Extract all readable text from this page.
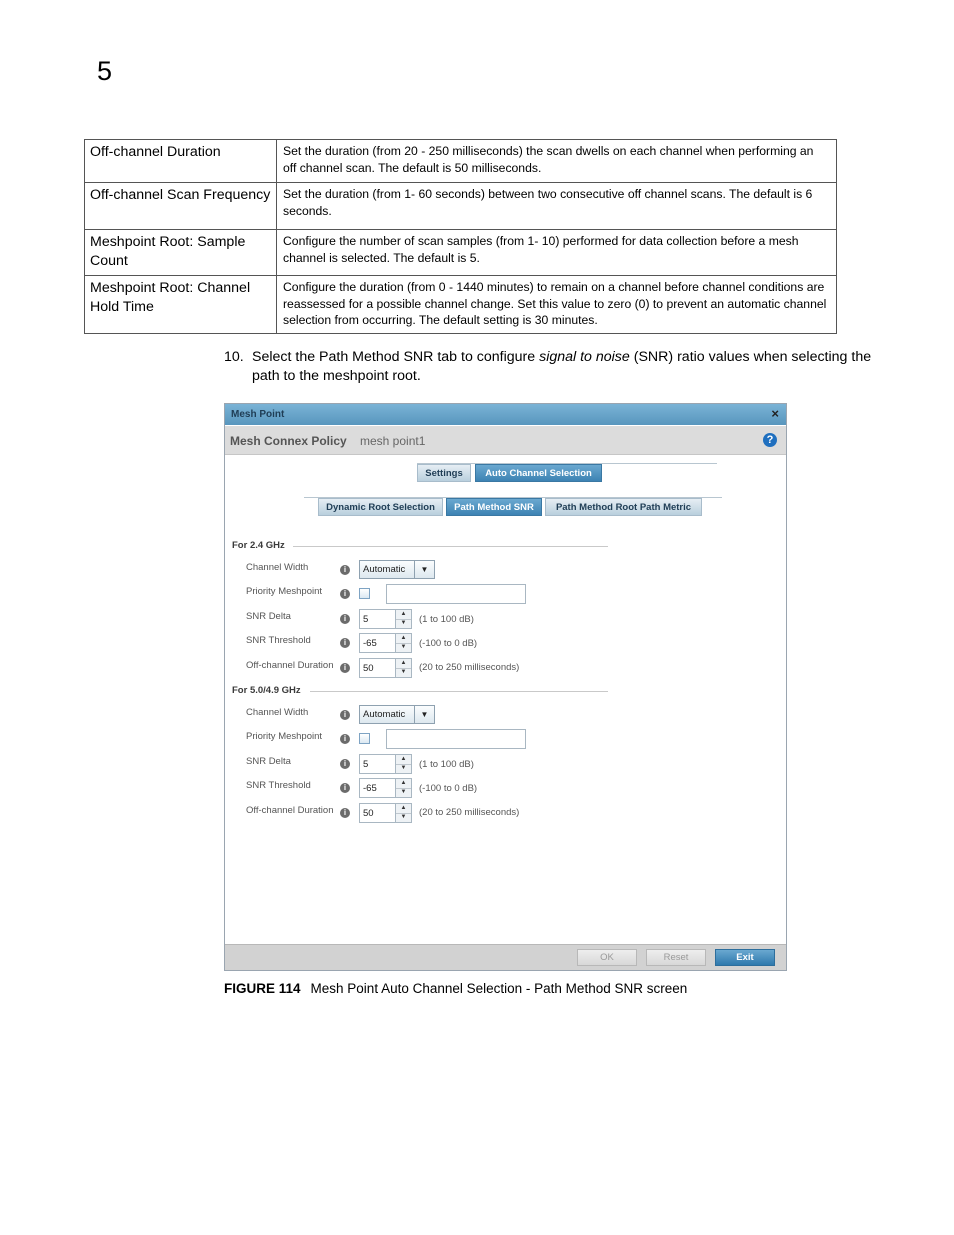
5
Off-channel Duration	Set the duration (from 20 - 250 milliseconds) the scan dwells on each channel when performing an off channel scan. The default is 50 milliseconds.
Off-channel Scan Frequency	Set the duration (from 1- 60 seconds) between two consecutive off channel scans. The default is 6 seconds.
Meshpoint Root: Sample Count	Configure the number of scan samples (from 1- 10) performed for data collection before a mesh channel is selected. The default is 5.
Meshpoint Root: Channel Hold Time	Configure the duration (from 0 - 1440 minutes) to remain on a channel before channel conditions are reassessed for a possible channel change. Set this value to zero (0) to prevent an automatic channel selection from occurring. The default setting is 30 minutes.
10. Select the Path Method SNR tab to configure signal to noise (SNR) ratio values when selecting the path to the meshpoint root.
Mesh Point	×
Mesh Connex Policy mesh point1	?
Settings	Auto Channel Selection
Dynamic Root Selection	Path Method SNR	Path Method Root Path Metric
For 2.4 GHz
Channel Width	i	Automatic	▼
Priority Meshpoint	i
SNR Delta	i	5	▲
▼	(1 to 100 dB)
SNR Threshold	i	-65	▲
▼	(-100 to 0 dB)
Off-channel Duration	i	50	▲
▼	(20 to 250 milliseconds)
For 5.0/4.9 GHz
Channel Width	i	Automatic	▼
Priority Meshpoint	i
SNR Delta	i	5	▲
▼	(1 to 100 dB)
SNR Threshold	i	-65	▲
▼	(-100 to 0 dB)
Off-channel Duration	i	50	▲
▼	(20 to 250 milliseconds)
OK	Reset	Exit
FIGURE 114 Mesh Point Auto Channel Selection - Path Method SNR screen
